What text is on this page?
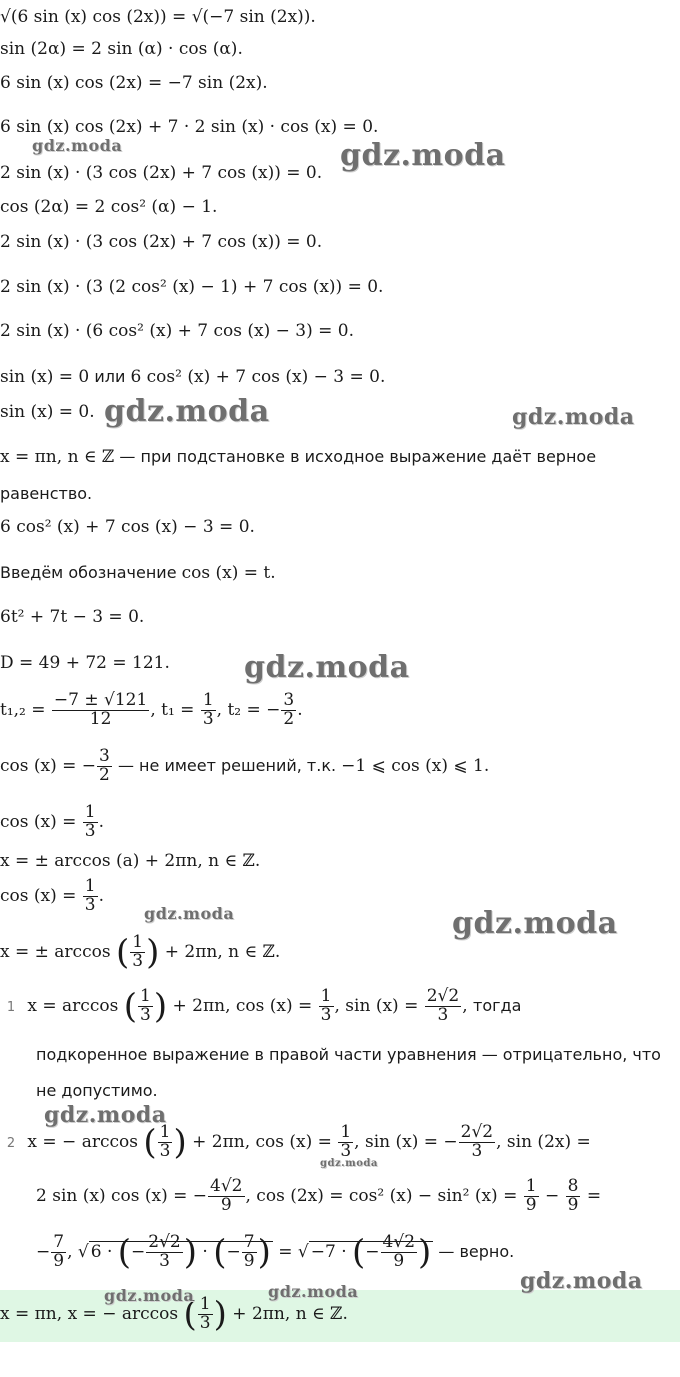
√(6 sin (x) cos (2x)) = √(−7 sin (2x)).
sin (2α) = 2 sin (α) · cos (α).
6 sin (x) cos (2x) = −7 sin (2x).
6 sin (x) cos (2x) + 7 · 2 sin (x) · cos (x) = 0.
2 sin (x) · (3 cos (2x) + 7 cos (x)) = 0.
cos (2α) = 2 cos² (α) − 1.
2 sin (x) · (3 cos (2x) + 7 cos (x)) = 0.
2 sin (x) · (3 (2 cos² (x) − 1) + 7 cos (x)) = 0.
2 sin (x) · (6 cos² (x) + 7 cos (x) − 3) = 0.
sin (x) = 0 или 6 cos² (x) + 7 cos (x) − 3 = 0.
sin (x) = 0.
x = πn, n ∈ ℤ — при подстановке в исходное выражение даёт верное
равенство.
6 cos² (x) + 7 cos (x) − 3 = 0.
Введём обозначение cos (x) = t.
6t² + 7t − 3 = 0.
D = 49 + 72 = 121.
$t_1,_2 = \frac{-7 \pm √121}{12}$ , $t_1 = \frac{1}{3}$ , t₂ = − $\frac{3}{2}$ .
cos (x) = − $\frac{3}{2}$ — не имеет решений, т.к. −1 ⩽ cos (x) ⩽ 1.
$\cos (x) = \frac{1}{3}$ .
x = ± arccos (a) + 2πn, n ∈ ℤ.
$\cos (x) = \frac{1}{3}$ .
x = ± arccos ( $\frac{1}{3}$ ) + 2πn, n ∈ ℤ.
1 x = arccos ( $\frac{1}{3}$ ) + 2πn, $\cos (x) = \frac{1}{3}$ , $\sin (x) = \frac{2√2}{3}$ , тогда
подкоренное выражение в правой части уравнения — отрицательно, что
не допустимо.
2 x = − arccos ( $\frac{1}{3}$ ) + 2πn, $\cos (x) = \frac{1}{3}$ , sin (x) = − $\frac{2√2}{3}$ , sin (2x) =
2 sin (x) cos (x) = − $\frac{4√2}{9}$ , cos (2x) = cos² (x) − sin² $(x) = \frac{1}{9} - \frac{8}{9}$ =
− $\frac{7}{9}$ , √ 6 · (− $\frac{2√2}{3}$ ) · (− $\frac{7}{9}$ ) = √ −7 · (− $\frac{4√2}{9}$ ) — верно.
x = πn, x = − arccos ( $\frac{1}{3}$ ) + 2πn, n ∈ ℤ.
gdz.moda	gdz.moda
gdz.moda	gdz.moda
gdz.moda
gdz.moda	gdz.moda
gdz.moda
gdz.moda
gdz.moda
gdz.moda	gdz.moda
